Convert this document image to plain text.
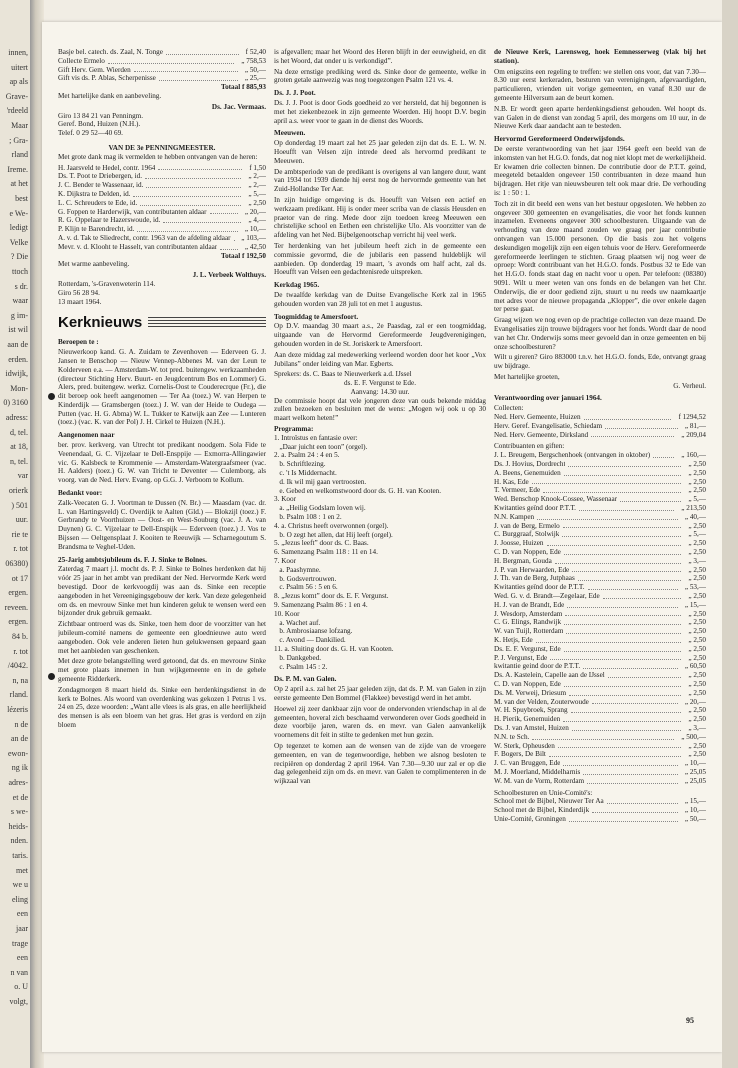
innen,
uitert
ap als
Grave-
'rdeeld
Maar
; Gra-
rland
Ireme.
at het
best
e We-
ledigt
Velke
? Die
ttoch
s dr.
waar
g im-
ist wil
aan de
erden.
idwijk,
Mon-
0) 3160
adress:
d, tel.
at 18,
n, tel.
var
orierk
) 501
uur.
rie te
r. tot
06380)
ot 17
ergen.
reveen.
ergen.
84 b.
r. tot
/4042.
n, na
rland.
lézeris
n de
an de
ewon-
ng ik
adres-
et de
s we-
heids-
nden.
taris.
met
we u
eling
een
jaar
trage
een
n van
o. U
volgt,
Basje bel. catech. ds. Zaal, N. Tonge	f 52,40
Collecte Ermelo	„ 758,53
Gift Herv. Gem. Wierden	„ 50,—
Gift vis ds. P. Ablas, Scherpenisse	„ 25,—
Totaal f 885,93

Met hartelijke dank en aanbeveling.

Ds. Jac. Vermaas.
Giro 13 84 21 van Penningm.
Geref. Bond, Huizen (N.H.).
Telef. 0 29 52—40 69.
VAN DE 3e PENNINGMEESTER.

Met grote dank mag ik vermelden te hebben ontvangen van de heren:

H. Jaarsveld te Hedel, contr. 1964	f 1,50
Ds. T. Poot te Driebergen, id.	„ 2,—
J. C. Bender te Wassenaar, id.	„ 2,—
K. Dijkstra te Delden, id.	„ 5,—
L. C. Schreuders te Ede, id.	„ 2,50
G. Foppen te Harderwijk, van contributanten aldaar	„ 20,—
R. G. Oppelaar te Hazerswoude, id.	„ 4,—
P. Klijn te Barendrecht, id.	„ 10,—
A. v. d. Tak te Sliedrecht, contr. 1963 van de afdeling aldaar	„ 103,—
Mevr. v. d. Klooht te Hasselt, van contributanten aldaar	„ 42,50
Totaal f 192,50

Met warme aanbeveling.

J. L. Verbeek Wolthuys.
Rotterdam, 's-Gravenweterin 114.
Giro 56 28 94.
13 maart 1964.
Kerknieuws
Beroepen te :

Nieuwerkoop kand. G. A. Zuidam te Zevenhoven — Ederveen G. J. Jansen te Benschop — Nieuw Vennep-Abbenes M. van der Leun te Kolderveen e.a. — Amsterdam-W. tot pred. buitengew. werkzaamheden (directeur Stichting Herv. Buurt- en Jeugdcentrum Bos en Lommer) G. Alers, pred. buitengew. werkz. Cornelis-Oost te Couderecrque (Fr.), die dit beroep ook heeft aangenomen — Ter Aa (toez.) W. van Herpen te Kinderdijk — Gramsbergen (toez.) J. W. van der Heide te Oudega — Putten (vac. H. G. Abma) W. L. Tukker te Katwijk aan Zee — Lunteren (toez.) (vac. K. van der Pol) J. H. Cirkel te Huizen (N.H.).

Aangenomen naar

ber. prov. kerkverg. van Utrecht tot predikant noodgem. Sola Fide te Veenendaal, G. C. Vijzelaar te Dell-Ensppije — Exmorra-Allingawier vic. G. Kalsbeck te Krommenie — Amsterdam-Watergraafsmeer (vac. H. Aalders) (toez.) G. W. van Tricht te Deventer — Culemborg, als voorg. van de Ned. Herv. Evang. op G.G. J. Verboom te Kollum.

Bedankt voor:

Zalk-Veecaten G. J. Voortman te Dussen (N. Br.) — Maasdam (vac. dr. L. van Hartingsveld) C. Overdijk te Aalten (Gld.) — Blokzijl (toez.) F. Gerbrandy te Voorthuizen — Oost- en West-Souburg (vac. J. A. van Duynen) G. C. Vijzelaar te Dell-Enspijk — Ederveen (toez.) J. Vos te Bijssen — Oeltgensplaat J. Kooiten te Reeuwijk — Scharnegoutum S. Brandsma te Veghel-Uden.

25-Jarig ambtsjubileum ds. F. J. Sinke te Bolnes.

Zaterdag 7 maart j.l. mocht ds. P. J. Sinke te Bolnes herdenken dat hij vóór 25 jaar in het ambt van predikant der Ned. Hervormde Kerk werd bevestigd. Door de kerkvoogdij was aan ds. Sinke een receptie aangeboden in het Vereenigingsgebouw der kerk. Van deze gelegenheid om ds. en mevrouw Sinke met hun kinderen geluk te wensen werd een bijzonder druk gebruik gemaakt.

Zichtbaar ontroerd was ds. Sinke, toen hem door de voorzitter van het jubileum-comité namens de gemeente een gloednieuwe auto werd aangeboden. Ook vele anderen lieten hun gelukwensen gepaard gaan met het aanbieden van geschenken.

Met deze grote belangstelling werd getoond, dat ds. en mevrouw Sinke met grote plaats innemen in hun wijkgemeente en in de gehele gemeente Ridderkerk.

Zondagmorgen 8 maart hield ds. Sinke een herdenkingsdienst in de kerk te Bolnes. Als woord van overdenking was gekozen 1 Petrus 1 vs. 24 en 25, deze woorden: „Want alle vlees is als gras, en alle heerlijkheid des mensen is als een bloem van het gras. Het gras is verdord en zijn bloem

is afgevallen; maar het Woord des Heren blijft in der eeuwigheid, en dit is het Woord, dat onder u is verkondigd”.

Na deze ernstige prediking werd ds. Sinke door de gemeente, welke in groten getale aanwezig was nog toegezongen Psalm 121 vs. 4.

Ds. J. J. Poot.

Ds. J. J. Poot is door Gods goedheid zo ver hersteld, dat hij begonnen is met het ziekenbezoek in zijn gemeente Woerden. Hij hoopt D.V. begin april a.s. weer voor te gaan in de dienst des Woords.

Meeuwen.

Op donderdag 19 maart zal het 25 jaar geleden zijn dat ds. E. L. W. N. Hoeufft van Velsen zijn intrede deed als hervormd predikant te Meeuwen.

De ambtsperiode van de predikant is overigens al van langere duur, want van 1934 tot 1939 diende hij eerst nog de hervormde gemeente van het Zuid-Hollandse Ter Aar.

In zijn huidige omgeving is ds. Hoeufft van Velsen een actief en werkzaam predikant. Hij is onder meer scriba van de classis Heusden en praetor van de ring. Mede door zijn toedoen kreeg Meeuwen een christelijke school en Eethen een christelijke Ulo. Als voorzitter van de afdeling van het Ned. Bijbelgenootschap verricht hij veel werk.

Ter herdenking van het jubileum heeft zich in de gemeente een commissie gevormd, die de jubilaris een passend huldeblijk wil aanbieden. Op donderdag 19 maart, 's avonds om half acht, zal ds. Hoeufft van Velsen een gedachtenisrede uitspreken.

Kerkdag 1965.

De twaalfde kerkdag van de Duitse Evangelische Kerk zal in 1965 gehouden worden van 28 juli tot en met 1 augustus.

Toogmiddag te Amersfoort.

Op D.V. maandag 30 maart a.s., 2e Paasdag, zal er een toogmiddag, uitgaande van de Hervormd Gereformeerde Jeugdverenigingen, gehouden worden in de St. Joriskerk te Amersfoort.

Aan deze middag zal medewerking verleend worden door het koor „Vox Jubilans” onder leiding van Mar. Egberts.

Sprekers: ds. C. Baas te Nieuwerkerk a.d. IJssel
ds. E. F. Vergunst te Ede.
Aanvang: 14.30 uur.

De commissie hoopt dat vele jongeren deze van ouds bekende middag zullen bezoeken en besluiten met de wens: „Mogen wij ook u op 30 maart welkom heten!”

Programma:
1. Introïstus en fantasie over:
„Daar juicht een toon” (orgel).
2. a. Psalm 24 : 4 en 5.
b. Schriftlezing.
c. 't Is Middernacht.
d. Ik wil mij gaan vertroosten.
e. Gebed en welkomstwoord door ds. G. H. van Kooten.
3. Koor
a. „Heilig Godslam loven wij.
b. Psalm 108 : 1 en 2.
4. a. Christus heeft overwonnen (orgel).
b. O zegt het allen, dat Hij leeft (orgel).
5. „Jezus leeft” door ds. C. Baas.
6. Samenzang Psalm 118 : 11 en 14.
7. Koor
a. Paashymne.
b. Godsvertrouwen.
c. Psalm 56 : 5 en 6.
8. „Jezus komt” door ds. E. F. Vergunst.
9. Samenzang Psalm 86 : 1 en 4.
10. Koor
a. Wachet auf.
b. Ambrosiaanse lofzang.
c. Avond — Dankilied.
11. a. Sluiting door ds. G. H. van Kooten.
b. Dankgebed.
c. Psalm 145 : 2.
Ds. P. M. van Galen.

Op 2 april a.s. zal het 25 jaar geleden zijn, dat ds. P. M. van Galen in zijn eerste gemeente Den Bommel (Flakkee) bevestigd werd in het ambt.

Hoewel zij zeer dankbaar zijn voor de ondervonden vriendschap in al de gemeenten, hoveral zich beschaamd verwonderen over Gods goedheid in deze voorbije jaren, waren ds. en mevr. van Galen aanvankelijk voornemens dit feit in stilte te gedenken met hun gezin.

Op tegenzet te komen aan de wensen van de zijde van de vroegere gemeenten, en van de tegenwoordige, hebben we alsnog besloten te recipiëren op donderdag 2 april 1964. Van 7.30—9.30 uur zal er op die dag gelegenheid zijn om ds. en mevr. van Galen te complimenteren in de wijkzaal van

de Nieuwe Kerk, Larensweg, hoek Eemnesserweg (vlak bij het station).

Om enigszins een regeling te treffen: we stellen ons voor, dat van 7.30—8.30 uur eerst kerkeraden, besturen van verenigingen, afgevaardigden, particulieren, vrienden uit vorige gemeenten, en vanaf 8.30 uur de gemeente Hilversum aan de beurt komen.

N.B. Er wordt geen aparte herdenkingsdienst gehouden. Wel hoopt ds. van Galen in de dienst van zondag 5 april, des morgens om 10 uur, in de Nieuwe Kerk daar aandacht aan te besteden.

Hervormd Gereformeerd Onderwijsfonds.

De eerste verantwoording van het jaar 1964 geeft een beeld van de inkomsten van het H.G.O. fonds, dat nog niet klopt met de werkelijkheid. Er kwamen drie collecten binnen. De contributie door de P.T.T. geind, meegeteld betaalden ongeveer 150 contribuanten in deze maand hun bijdragen. Het ritje van nieuwsbeuren telt ook maar drie. De verhouding is: 1 : 50 : 1.

Toch zit in dit beeld een wens van het bestuur opgesloten. We hebben zo ongeveer 300 gemeenten en evangelisaties, die voor het fonds kunnen inzamelen. Eveneens ongeveer 300 schoolbesturen. Uitgaande van de verhouding van deze maand zouden we graag per jaar contributie ontvangen van 15.000 personen. Op die basis zou het volgens deskundigen mogelijk zijn een eigen tehuis voor de Herv. Gereformeerde gereformeerde leerlingen te stichten. Graag plaatsen wij nog weer de oproep: Wordt contribuant van het H.G.O. fonds. Postbus 32 te Ede van het H.G.O. fonds staat dag en nacht voor u open. Per telefoon: (08380) 9091. Wilt u meer weten van ons fonds en de belangen van het Chr. Onderwijs, die er door gediend zijn, stuurt u nu reeds uw naamkaartje met adres voor de nieuwe propaganda „Klopper”, die over enkele dagen ter perse gaat.

Graag wijzen we nog even op de prachtige collecten van deze maand. De Evangelisaties zijn trouwe bijdragers voor het fonds. Wordt daar de nood van het Chr. Onderwijs soms meer gevoeld dan in onze gemeenten en bij onze schoolbesturen?

Wilt u gireren? Giro 883000 t.n.v. het H.G.O. fonds, Ede, ontvangt graag uw bijdrage.

Met hartelijke groeten,
G. Verheul.
Verantwoording over januari 1964.
Collecten:
Ned. Herv. Gemeente, Huizen	f 1294,52
Herv. Geref. Evangelisatie, Schiedam	„ 81,—
Ned. Herv. Gemeente, Dirksland	„ 209,04
Contribuanten en giften:
J. L. Breugem, Bergschenhoek (ontvangen in oktober)	„ 160,—
Ds. J. Hovius, Dordrecht	„ 2,50
A. Beens, Genemuiden	„ 2,50
H. Kas, Ede	„ 2,50
T. Vermeer, Ede	„ 2,50
Wed. Benschop Knook-Cossee, Wassenaar	„ 5,—
Kwitanties geïnd door P.T.T.	„ 213,50
N.N. Kampen	„ 40,—
J. van de Berg, Ermelo	„ 2,50
C. Burggraaf, Stolwijk	„ 5,—
J. Joosse, Huizen	„ 2,50
C. D. van Noppen, Ede	„ 2,50
H. Bergman, Gouda	„ 3,—
J. P. van Herwaarden, Ede	„ 2,50
J. Th. van de Berg, Jutphaas	„ 2,50
Kwitanties geïnd door de P.T.T.	„ 53,—
Wed. G. v. d. Brandt—Zegelaar, Ede	„ 2,50
H. J. van de Brandt, Ede	„ 15,—
J. Wesdorp, Amsterdam	„ 2,50
C. G. Elings, Randwijk	„ 2,50
W. van Tuijl, Rotterdam	„ 2,50
K. Hetjs, Ede	„ 2,50
Ds. E. F. Vergunst, Ede	„ 2,50
P. J. Vergunst, Ede	„ 2,50
kwitantie geind door de P.T.T.	„ 60,50
Ds. A. Kastelein, Capelle aan de IJssel	„ 2,50
C. D. van Noppen, Ede	„ 2,50
Ds. M. Verweij, Driesum	„ 2,50
M. van der Velden, Zouterwoude	„ 20,—
W. H. Spuybroek, Sprang	„ 2,50
H. Pierik, Genemuiden	„ 2,50
Ds. J. van Amstel, Huizen	„ 3,—
N.N. te Sch.	„ 500,—
W. Sterk, Opheusden	„ 2,50
F. Bogers, De Bilt	„ 2,50
J. C. van Bruggen, Ede	„ 10,—
M. J. Moerland, Middelharnis	„ 25,05
W. M. van de Vorm, Rotterdam	„ 25,05
Schoolbesturen en Unie-Comité's:
School met de Bijbel, Nieuwer Ter Aa	„ 15,—
School met de Bijbel, Kinderdijk	„ 10,—
Unie-Comité, Groningen	„ 50,—
95
